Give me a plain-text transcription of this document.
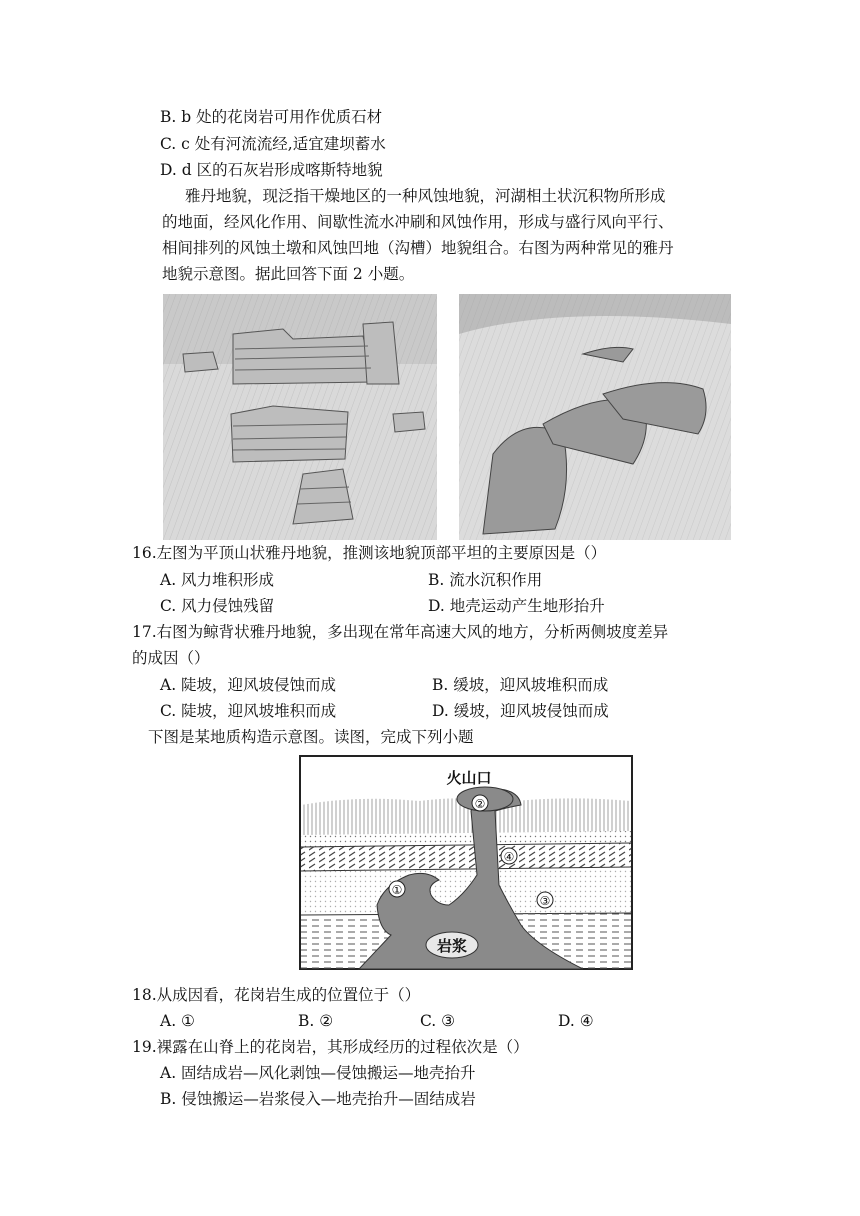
B. b 处的花岗岩可用作优质石材
C. c 处有河流流经,适宜建坝蓄水
D. d 区的石灰岩形成喀斯特地貌
雅丹地貌，现泛指干燥地区的一种风蚀地貌，河湖相土状沉积物所形成
的地面，经风化作用、间歇性流水冲刷和风蚀作用，形成与盛行风向平行、
相间排列的风蚀土墩和风蚀凹地（沟槽）地貌组合。右图为两种常见的雅丹
地貌示意图。据此回答下面 2 小题。
16.左图为平顶山状雅丹地貌，推测该地貌顶部平坦的主要原因是（）
A. 风力堆积形成	B. 流水沉积作用
C. 风力侵蚀残留	D. 地壳运动产生地形抬升
17.右图为鲸背状雅丹地貌，多出现在常年高速大风的地方，分析两侧坡度差异
的成因（）
A. 陡坡，迎风坡侵蚀而成	B. 缓坡，迎风坡堆积而成
C. 陡坡，迎风坡堆积而成	D. 缓坡，迎风坡侵蚀而成
下图是某地质构造示意图。读图，完成下列小题
火山口
②
④
①
③
岩浆
18.从成因看，花岗岩生成的位置位于（）
A. ①	B. ②	C. ③	D. ④
19.裸露在山脊上的花岗岩，其形成经历的过程依次是（）
A. 固结成岩—风化剥蚀—侵蚀搬运—地壳抬升
B. 侵蚀搬运—岩浆侵入—地壳抬升—固结成岩
